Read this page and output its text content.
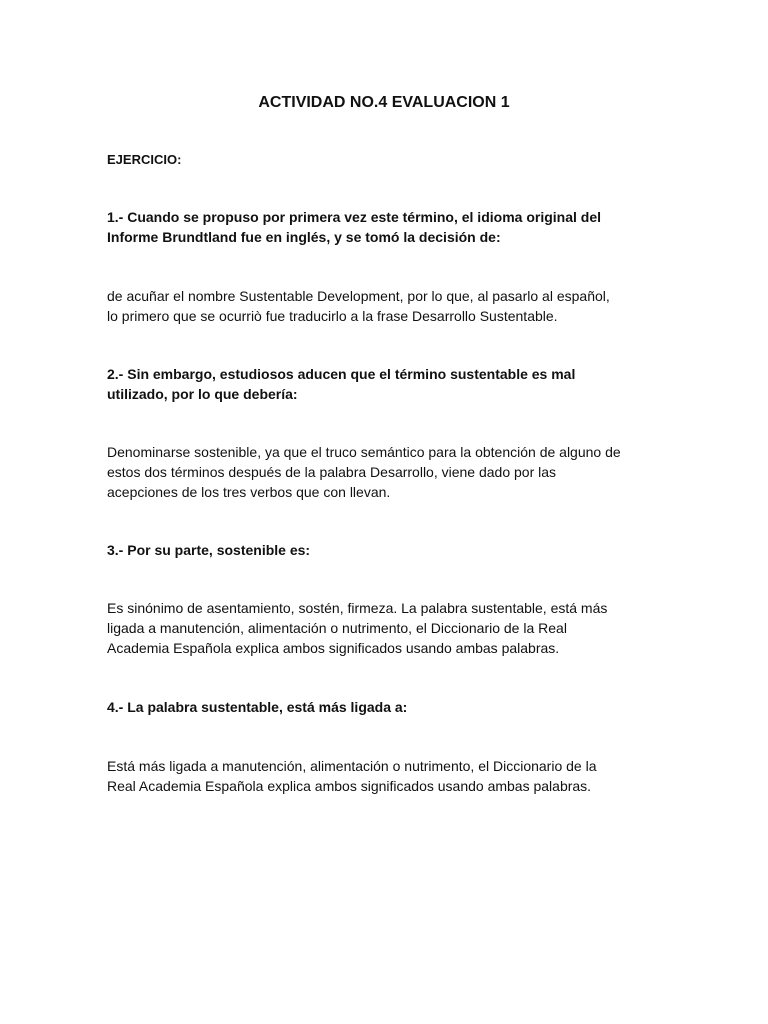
ACTIVIDAD NO.4 EVALUACION 1

EJERCICIO:

1.- Cuando se propuso por primera vez este término, el idioma original del
Informe Brundtland fue en inglés, y se tomó la decisión de:

de acuñar el nombre Sustentable Development, por lo que, al pasarlo al español,
lo primero que se ocurriò fue traducirlo a la frase Desarrollo Sustentable.

2.- Sin embargo, estudiosos aducen que el término sustentable es mal
utilizado, por lo que debería:

Denominarse sostenible, ya que el truco semántico para la obtención de alguno de
estos dos términos después de la palabra Desarrollo, viene dado por las
acepciones de los tres verbos que con llevan.

3.- Por su parte, sostenible es:

Es sinónimo de asentamiento, sostén, firmeza. La palabra sustentable, está más
ligada a manutención, alimentación o nutrimento, el Diccionario de la Real
Academia Española explica ambos significados usando ambas palabras.

4.- La palabra sustentable, está más ligada a:

Está más ligada a manutención, alimentación o nutrimento, el Diccionario de la
Real Academia Española explica ambos significados usando ambas palabras.
